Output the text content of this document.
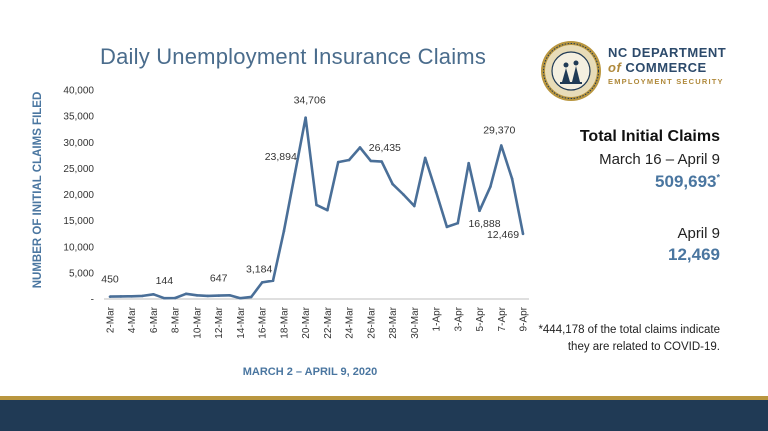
Daily Unemployment Insurance Claims	NC DEPARTMENT
of COMMERCE
EMPLOYMENT SECURITY
NUMBER OF INITIAL CLAIMS FILED
-
5,000
10,000
15,000
20,000
25,000
30,000
35,000
40,000
2-Mar 4-Mar 6-Mar 8-Mar 10-Mar 12-Mar 14-Mar 16-Mar 18-Mar 20-Mar 22-Mar 24-Mar 26-Mar 28-Mar 30-Mar 1-Apr 3-Apr 5-Apr 7-Apr 9-Apr
450	144	647
3,184
23,894
34,706
26,435
16,888
29,370
12,469
MARCH 2 – APRIL 9, 2020
Total Initial Claims
March 16 – April 9
509,693*
April 9
12,469
*444,178 of the total claims indicate they are related to COVID-19.
